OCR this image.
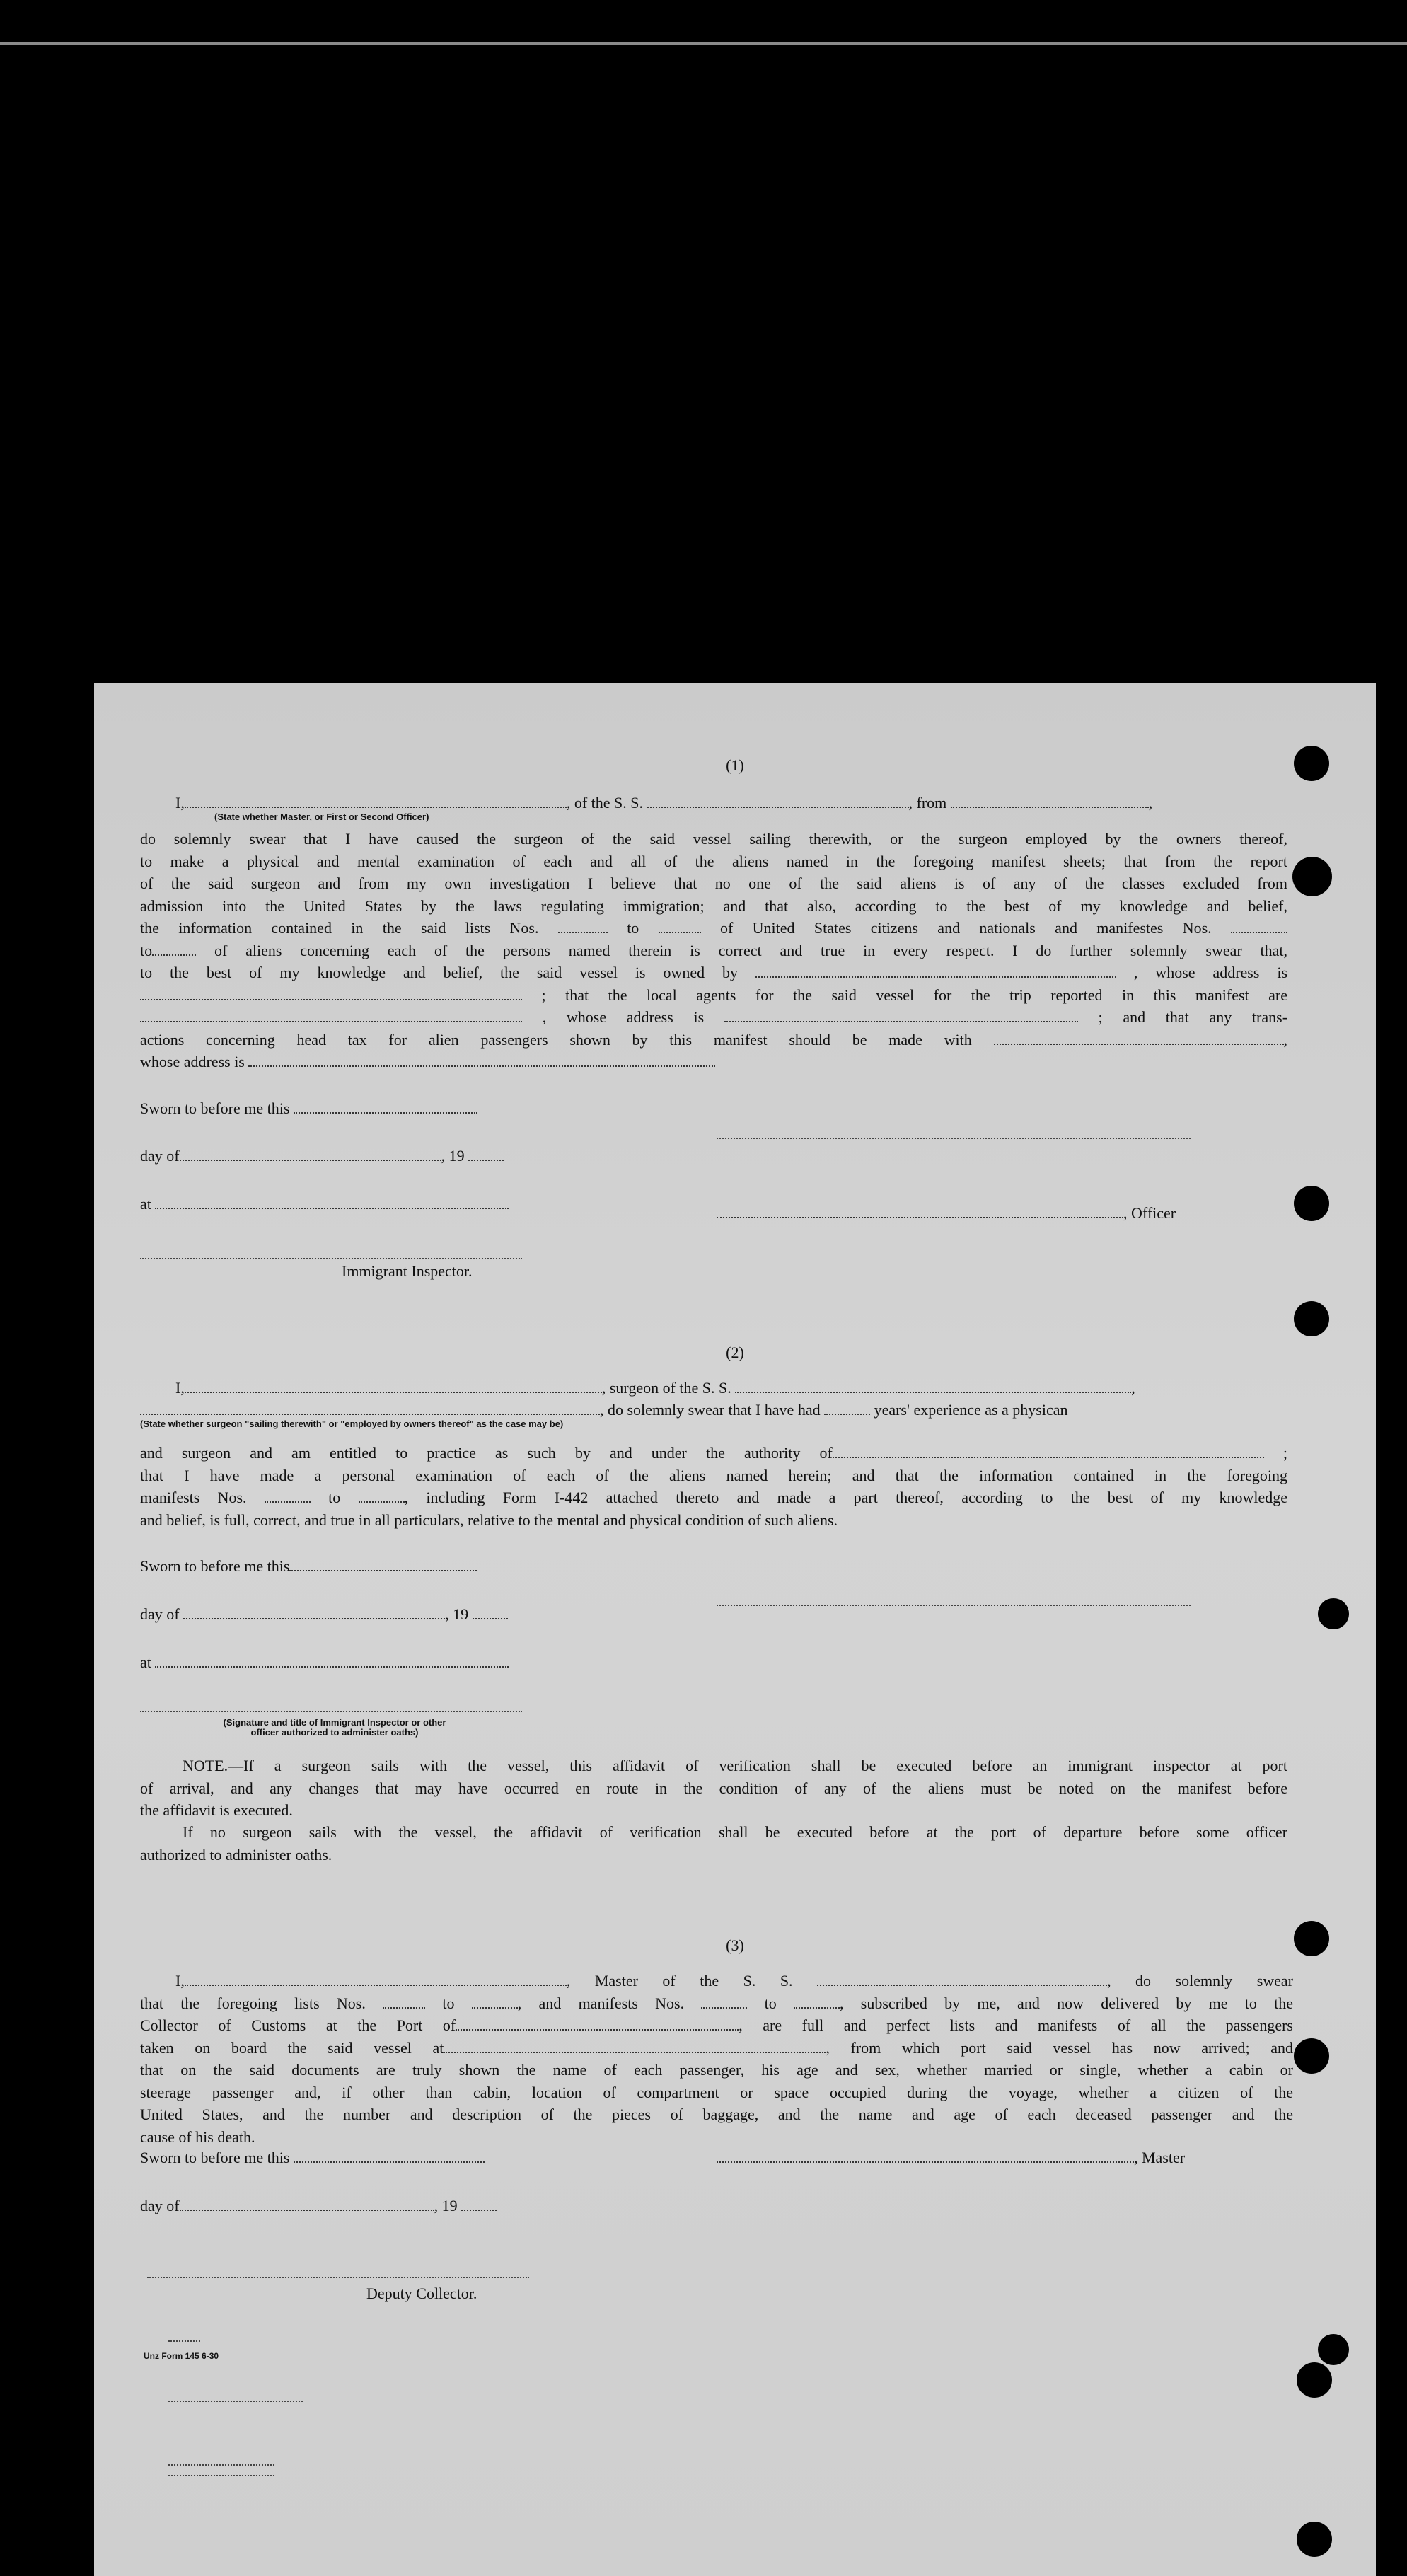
(1)
I,	, of the S. S.	, from	,
(State whether Master, or First or Second Officer)
do solemnly swear that I have caused the surgeon of the said vessel sailing therewith, or the surgeon employed by the owners thereof,
to make a physical and mental examination of each and all of the aliens named in the foregoing manifest sheets; that from the report
of the said surgeon and from my own investigation I believe that no one of the said aliens is of any of the classes excluded from
admission into the United States by the laws regulating immigration; and that also, according to the best of my knowledge and belief,
the information contained in the said lists Nos.	to	of United States citizens and nationals and manifestes Nos.
to	of aliens concerning each of the persons named therein is correct and true in every respect. I do further solemnly swear that,
to the best of my knowledge and belief, the said vessel is owned by	, whose address is
; that the local agents for the said vessel for the trip reported in this manifest are
, whose address is	; and that any trans-
actions concerning head tax for alien passengers shown by this manifest should be made with	,
whose address is
Sworn to before me this
day of	, 19
at
, Officer
Immigrant Inspector.
(2)
I,	, surgeon of the S. S.	,
, do solemnly swear that I have had	years' experience as a physican
(State whether surgeon "sailing therewith" or "employed by owners thereof" as the case may be)
and surgeon and am entitled to practice as such by and under the authority of	;
that I have made a personal examination of each of the aliens named herein; and that the information contained in the foregoing
manifests Nos.	to	, including Form I-442 attached thereto and made a part thereof, according to the best of my knowledge
and belief, is full, correct, and true in all particulars, relative to the mental and physical condition of such aliens.
Sworn to before me this
day of	, 19
at
(Signature and title of Immigrant Inspector or other
officer authorized to administer oaths)
NOTE.—If a surgeon sails with the vessel, this affidavit of verification shall be executed before an immigrant inspector at port
of arrival, and any changes that may have occurred en route in the condition of any of the aliens must be noted on the manifest before
the affidavit is executed.
If no surgeon sails with the vessel, the affidavit of verification shall be executed before at the port of departure before some officer
authorized to administer oaths.
(3)
I,	, Master of the S. S.	, do solemnly swear
that the foregoing lists Nos.	to	, and manifests Nos.	to	, subscribed by me, and now delivered by me to the
Collector of Customs at the Port of	, are full and perfect lists and manifests of all the passengers
taken on board the said vessel at	, from which port said vessel has now arrived; and
that on the said documents are truly shown the name of each passenger, his age and sex, whether married or single, whether a cabin or
steerage passenger and, if other than cabin, location of compartment or space occupied during the voyage, whether a citizen of the
United States, and the number and description of the pieces of baggage, and the name and age of each deceased passenger and the
cause of his death.
Sworn to before me this	, Master
day of	, 19
Deputy Collector.
Unz Form 145 6-30
